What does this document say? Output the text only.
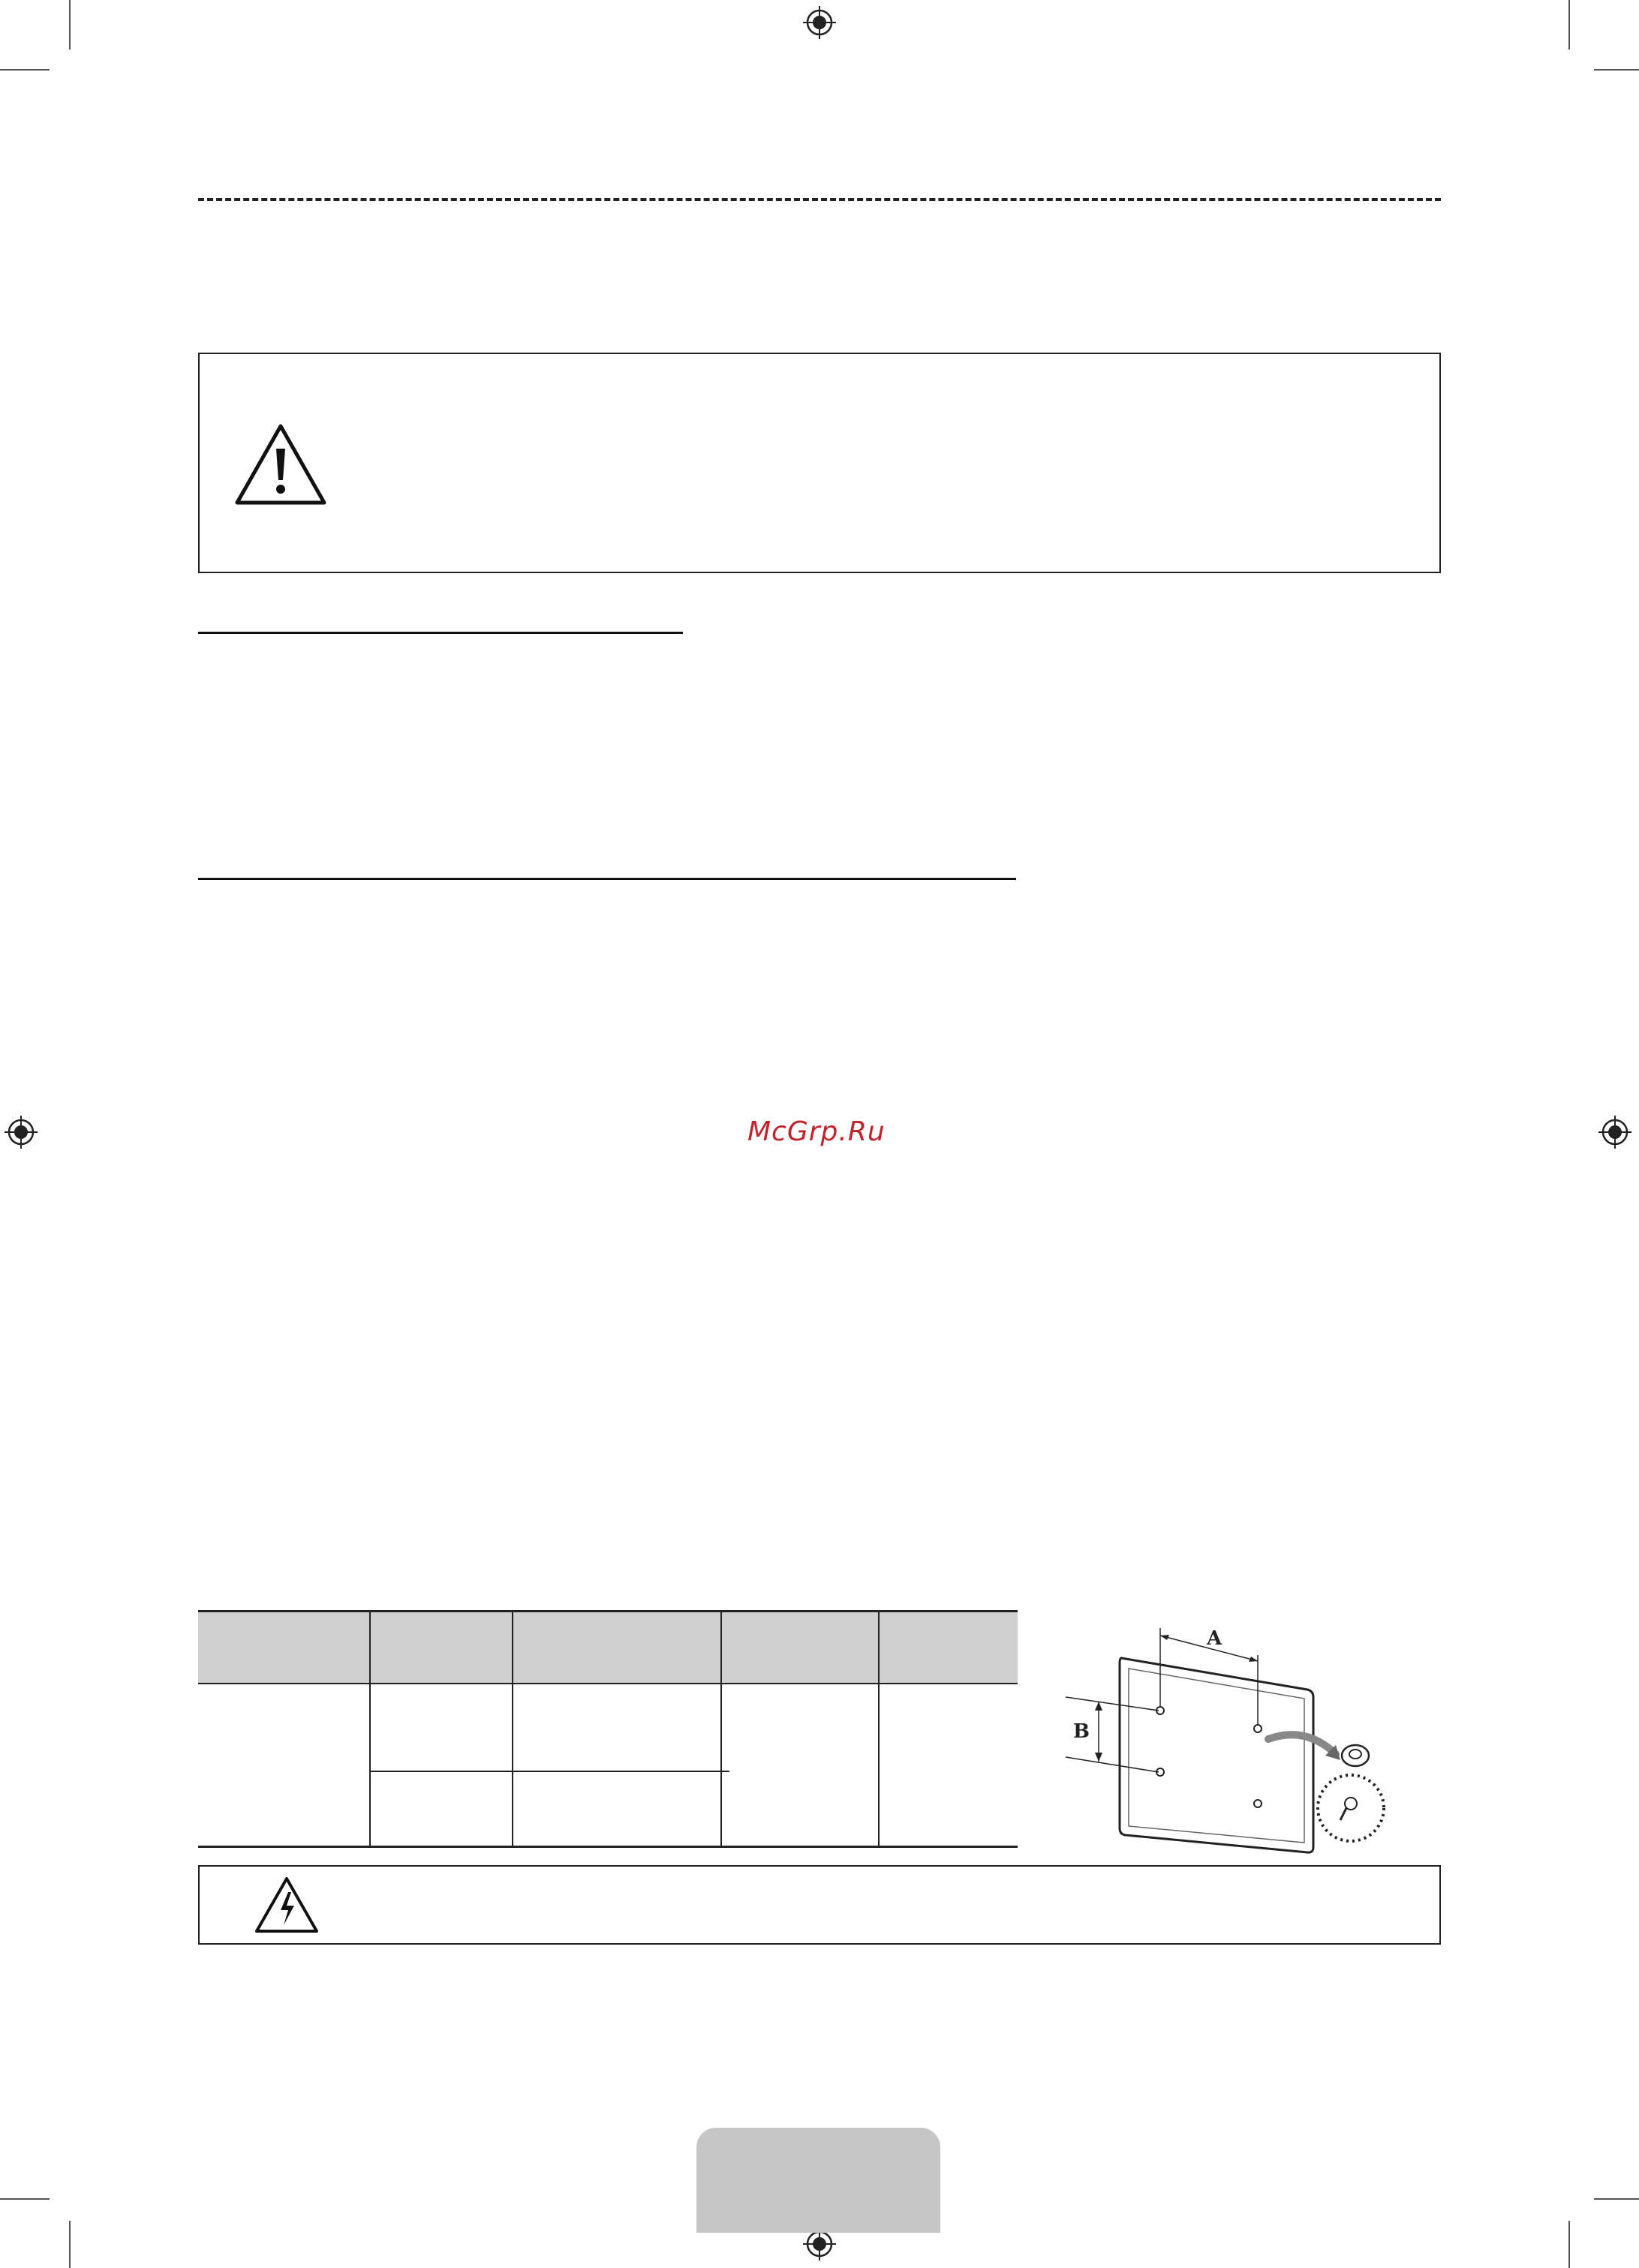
McGrp.Ru
A
B
